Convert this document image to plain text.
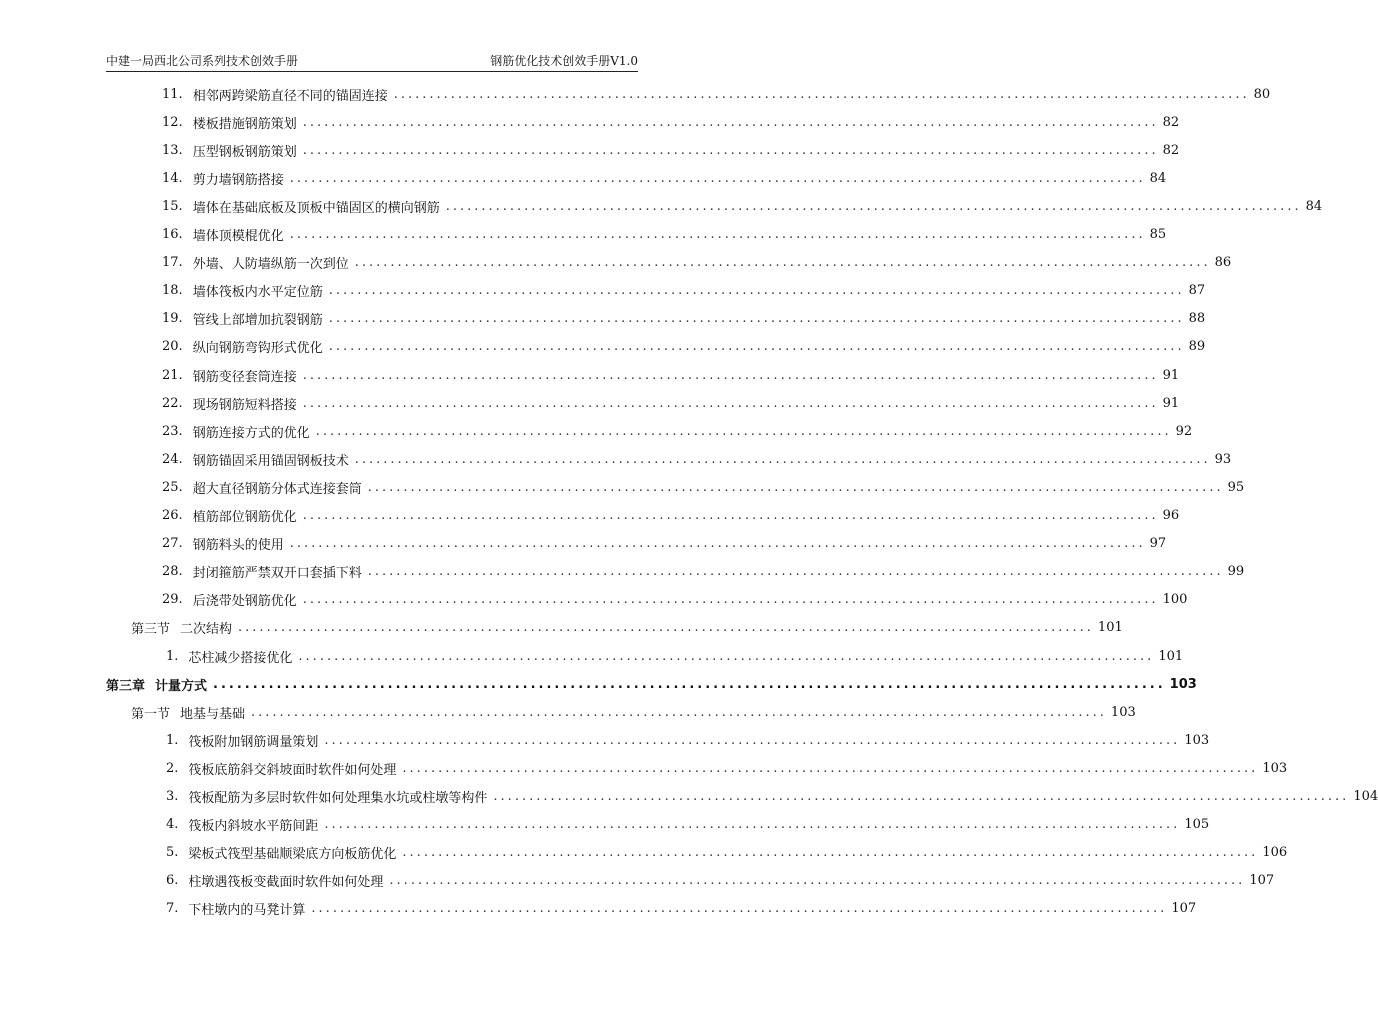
中建一局西北公司系列技术创效手册	钢筋优化技术创效手册V1.0
11. 相邻两跨梁筋直径不同的锚固连接 ........................................................................................................................ 80
12. 楼板措施钢筋策划 ........................................................................................................................ 82
13. 压型钢板钢筋策划 ........................................................................................................................ 82
14. 剪力墙钢筋搭接 ........................................................................................................................ 84
15. 墙体在基础底板及顶板中锚固区的横向钢筋 ........................................................................................................................ 84
16. 墙体顶模棍优化 ........................................................................................................................ 85
17. 外墙、人防墙纵筋一次到位 ........................................................................................................................ 86
18. 墙体筏板内水平定位筋 ........................................................................................................................ 87
19. 管线上部增加抗裂钢筋 ........................................................................................................................ 88
20. 纵向钢筋弯钩形式优化 ........................................................................................................................ 89
21. 钢筋变径套筒连接 ........................................................................................................................ 91
22. 现场钢筋短料搭接 ........................................................................................................................ 91
23. 钢筋连接方式的优化 ........................................................................................................................ 92
24. 钢筋锚固采用锚固钢板技术 ........................................................................................................................ 93
25. 超大直径钢筋分体式连接套筒 ........................................................................................................................ 95
26. 植筋部位钢筋优化 ........................................................................................................................ 96
27. 钢筋料头的使用 ........................................................................................................................ 97
28. 封闭箍筋严禁双开口套插下料 ........................................................................................................................ 99
29. 后浇带处钢筋优化 ........................................................................................................................ 100
第三节 二次结构 ........................................................................................................................ 101
1. 芯柱减少搭接优化 ........................................................................................................................ 101
第三章 计量方式 ........................................................................................................................ 103
第一节 地基与基础 ........................................................................................................................ 103
1. 筏板附加钢筋调量策划 ........................................................................................................................ 103
2. 筏板底筋斜交斜坡面时软件如何处理 ........................................................................................................................ 103
3. 筏板配筋为多层时软件如何处理集水坑或柱墩等构件 ........................................................................................................................ 104
4. 筏板内斜坡水平筋间距 ........................................................................................................................ 105
5. 梁板式筏型基础顺梁底方向板筋优化 ........................................................................................................................ 106
6. 柱墩遇筏板变截面时软件如何处理 ........................................................................................................................ 107
7. 下柱墩内的马凳计算 ........................................................................................................................ 107
